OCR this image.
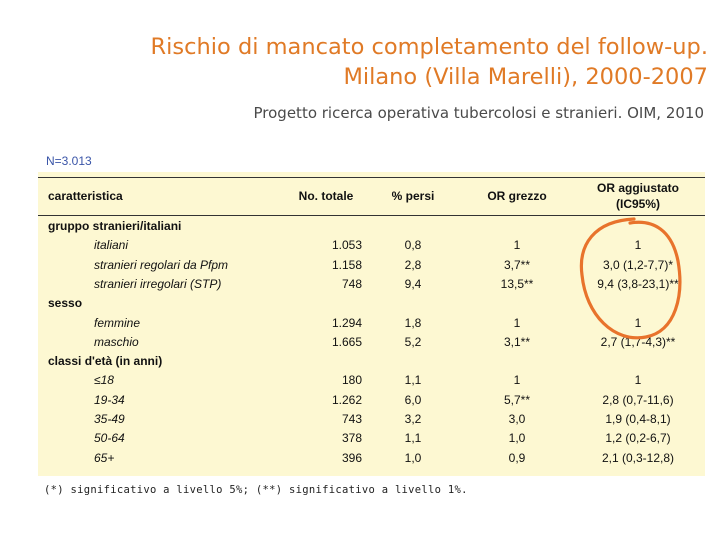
Rischio di mancato completamento del follow-up.
Milano (Villa Marelli), 2000-2007
Progetto ricerca operativa tubercolosi e stranieri. OIM, 2010
N=3.013
caratteristica	No. totale	% persi	OR grezzo
OR aggiustato
(IC95%)
gruppo stranieri/italiani
italiani	1.053	0,8	1	1
stranieri regolari da Pfpm	1.158	2,8	3,7**	3,0 (1,2-7,7)*
stranieri irregolari (STP)	748	9,4	13,5**	9,4 (3,8-23,1)**
sesso
femmine	1.294	1,8	1	1
maschio	1.665	5,2	3,1**	2,7 (1,7-4,3)**
classi d'età (in anni)
≤18	180	1,1	1	1
19-34	1.262	6,0	5,7**	2,8 (0,7-11,6)
35-49	743	3,2	3,0	1,9 (0,4-8,1)
50-64	378	1,1	1,0	1,2 (0,2-6,7)
65+	396	1,0	0,9	2,1 (0,3-12,8)
(*) significativo a livello 5%; (**) significativo a livello 1%.
